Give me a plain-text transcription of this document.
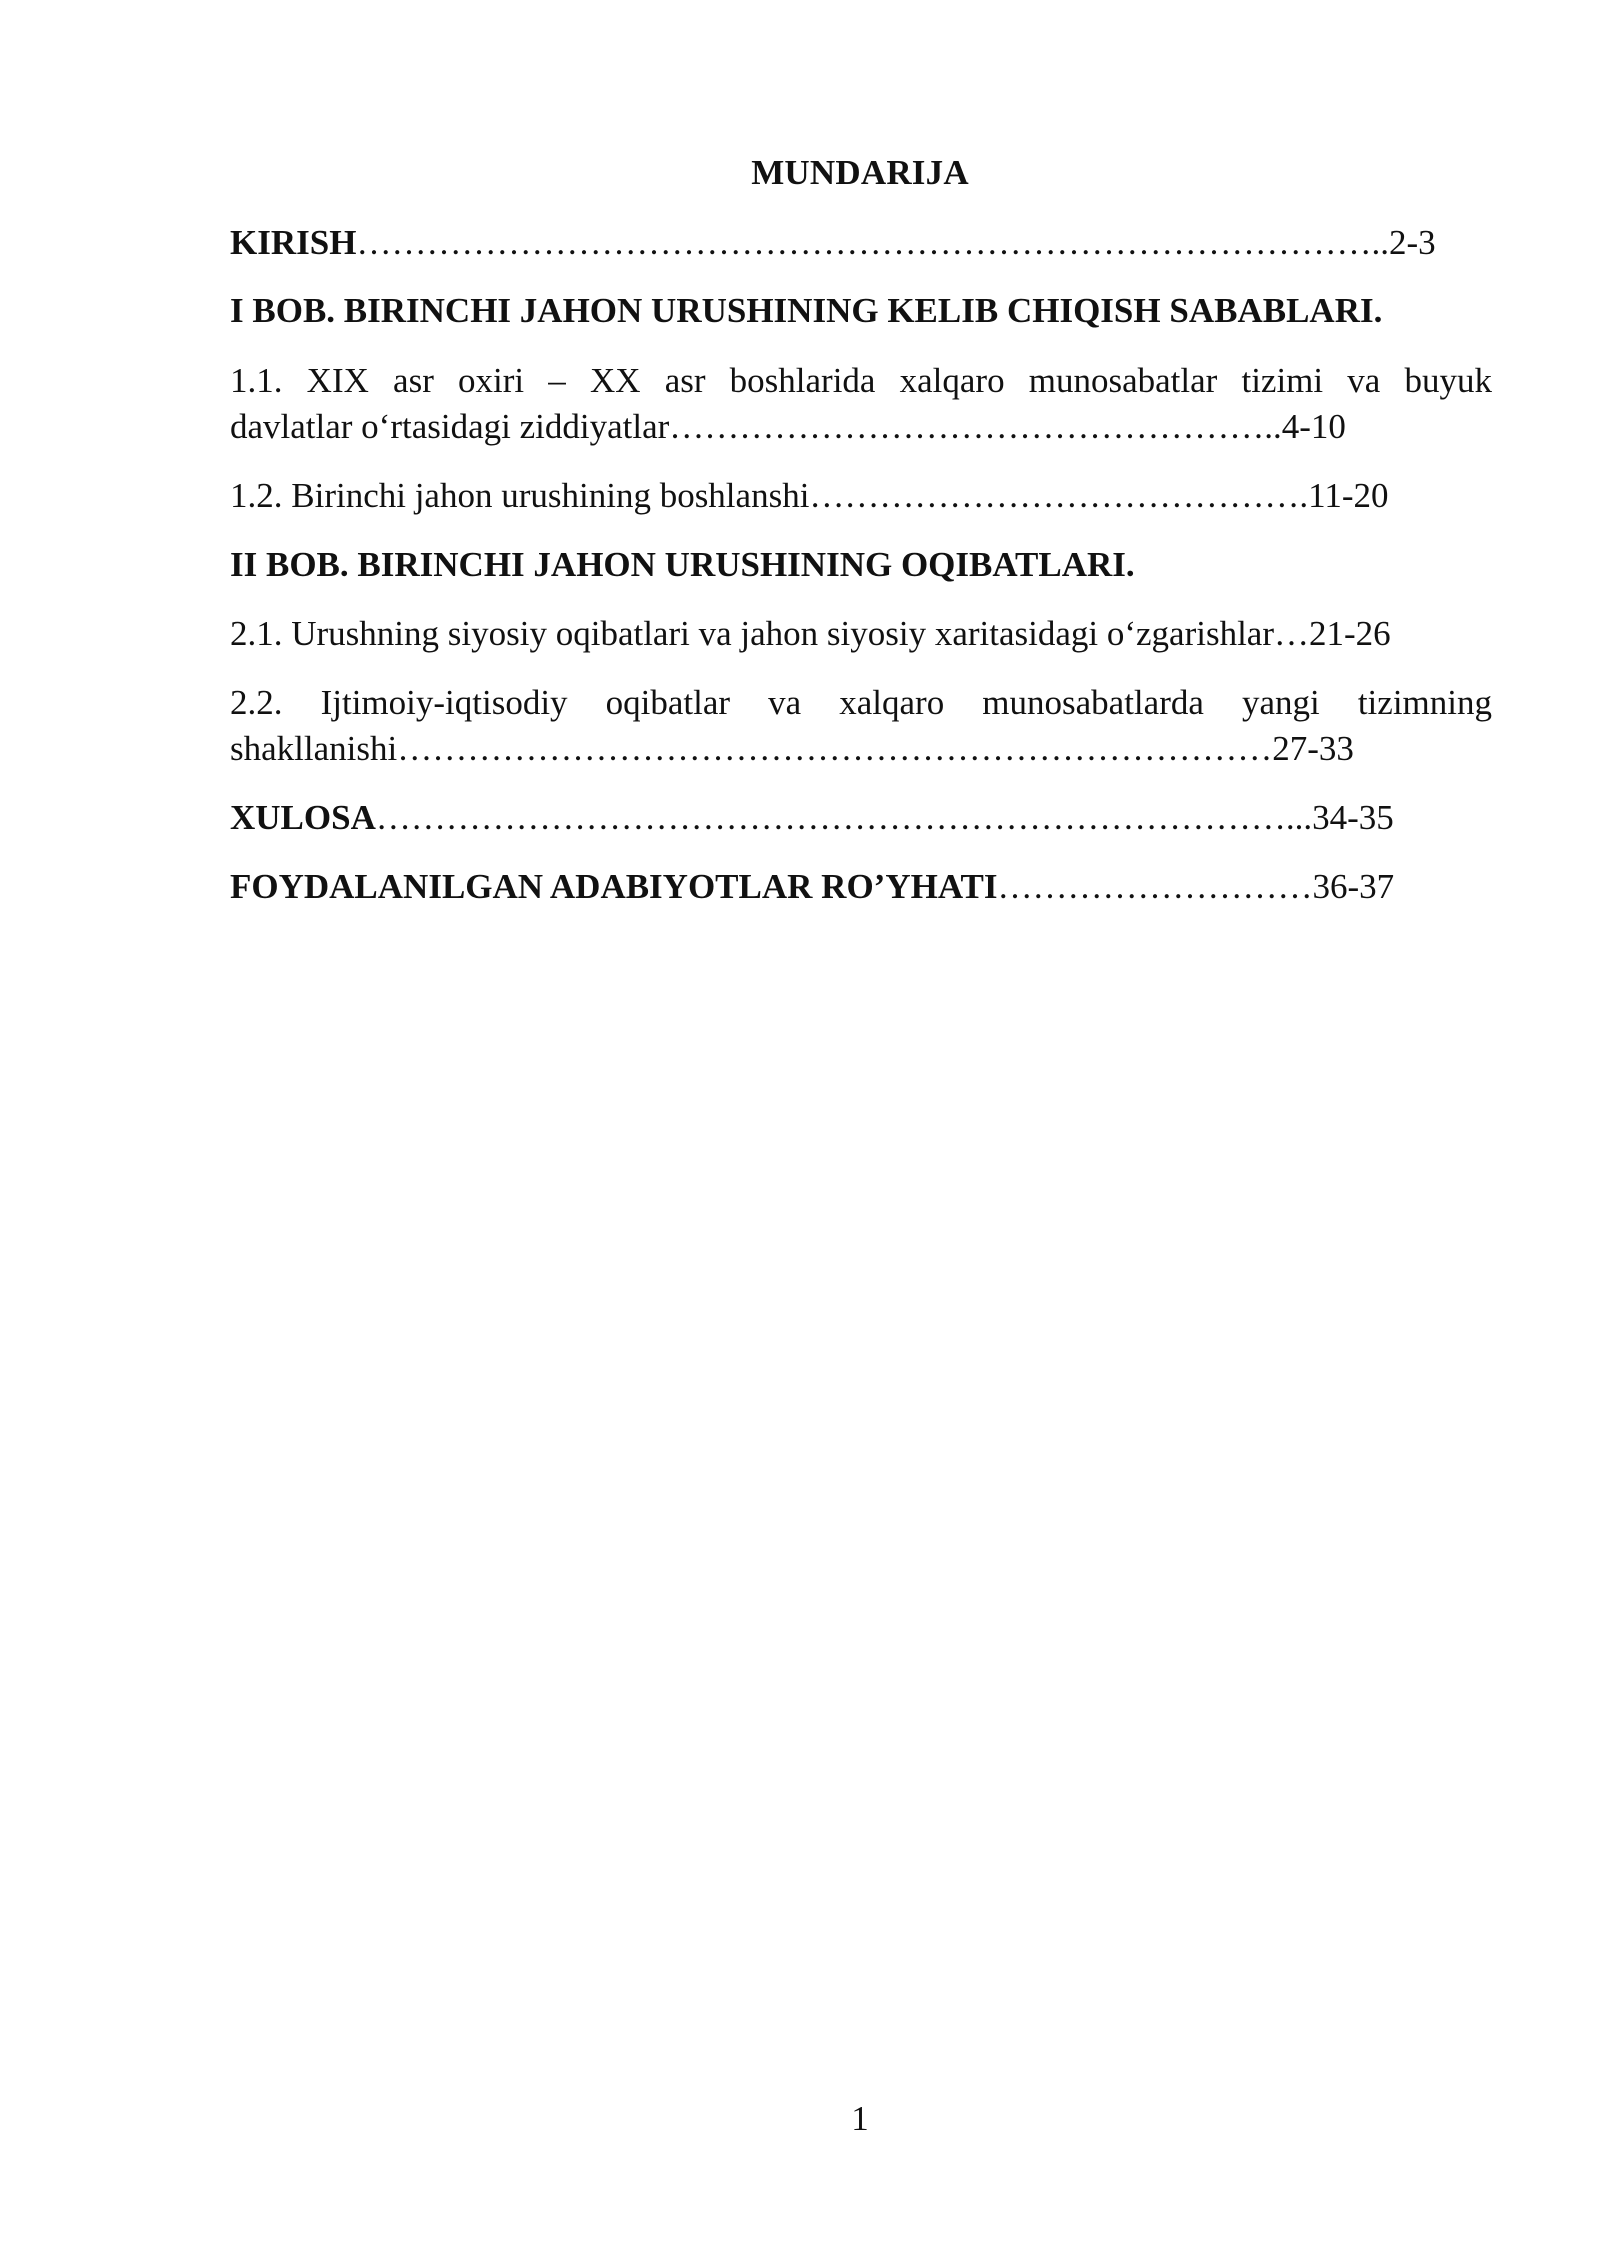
MUNDARIJA
KIRISH……………………………………………………………………………..2-3
I BOB. BIRINCHI JAHON URUSHINING KELIB CHIQISH SABABLARI.
1.1. XIX asr oxiri – XX asr boshlarida xalqaro munosabatlar tizimi va buyuk
davlatlar o‘rtasidagi ziddiyatlar……………………………………………..4-10
1.2. Birinchi jahon urushining boshlanshi…………………………………….11-20
II BOB. BIRINCHI JAHON URUSHINING OQIBATLARI.
2.1. Urushning siyosiy oqibatlari va jahon siyosiy xaritasidagi o‘zgarishlar…21-26
2.2. Ijtimoiy-iqtisodiy oqibatlar va xalqaro munosabatlarda yangi tizimning
shakllanishi…………………………………………………………………27-33
XULOSA……………………………………………………………………...34-35
FOYDALANILGAN ADABIYOTLAR RO’YHATI………………………36-37
1
